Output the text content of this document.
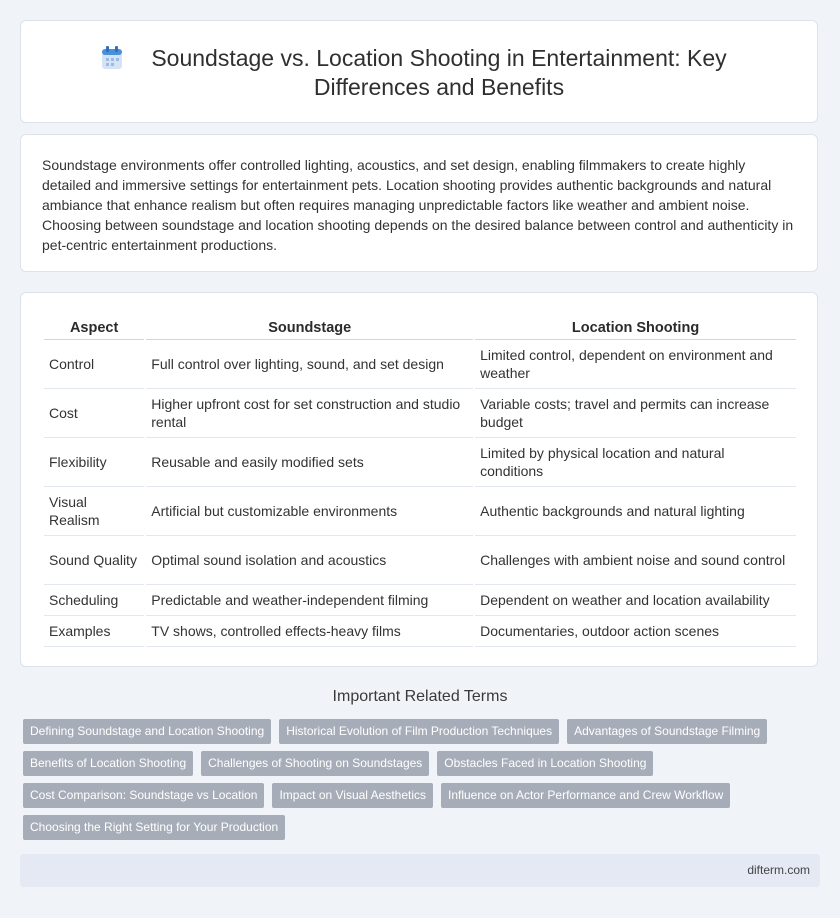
Soundstage vs. Location Shooting in Entertainment: Key Differences and Benefits

Soundstage environments offer controlled lighting, acoustics, and set design, enabling filmmakers to create highly detailed and immersive settings for entertainment pets. Location shooting provides authentic backgrounds and natural ambiance that enhance realism but often requires managing unpredictable factors like weather and ambient noise. Choosing between soundstage and location shooting depends on the desired balance between control and authenticity in pet-centric entertainment productions.

Aspect	Soundstage	Location Shooting
Control	Full control over lighting, sound, and set design	Limited control, dependent on environment and weather
Cost	Higher upfront cost for set construction and studio rental	Variable costs; travel and permits can increase budget
Flexibility	Reusable and easily modified sets	Limited by physical location and natural conditions
Visual Realism	Artificial but customizable environments	Authentic backgrounds and natural lighting
Sound Quality	Optimal sound isolation and acoustics	Challenges with ambient noise and sound control
Scheduling	Predictable and weather-independent filming	Dependent on weather and location availability
Examples	TV shows, controlled effects-heavy films	Documentaries, outdoor action scenes
Important Related Terms
Defining Soundstage and Location Shooting	Historical Evolution of Film Production Techniques	Advantages of Soundstage Filming
Benefits of Location Shooting	Challenges of Shooting on Soundstages	Obstacles Faced in Location Shooting
Cost Comparison: Soundstage vs Location	Impact on Visual Aesthetics	Influence on Actor Performance and Crew Workflow
Choosing the Right Setting for Your Production
difterm.com
